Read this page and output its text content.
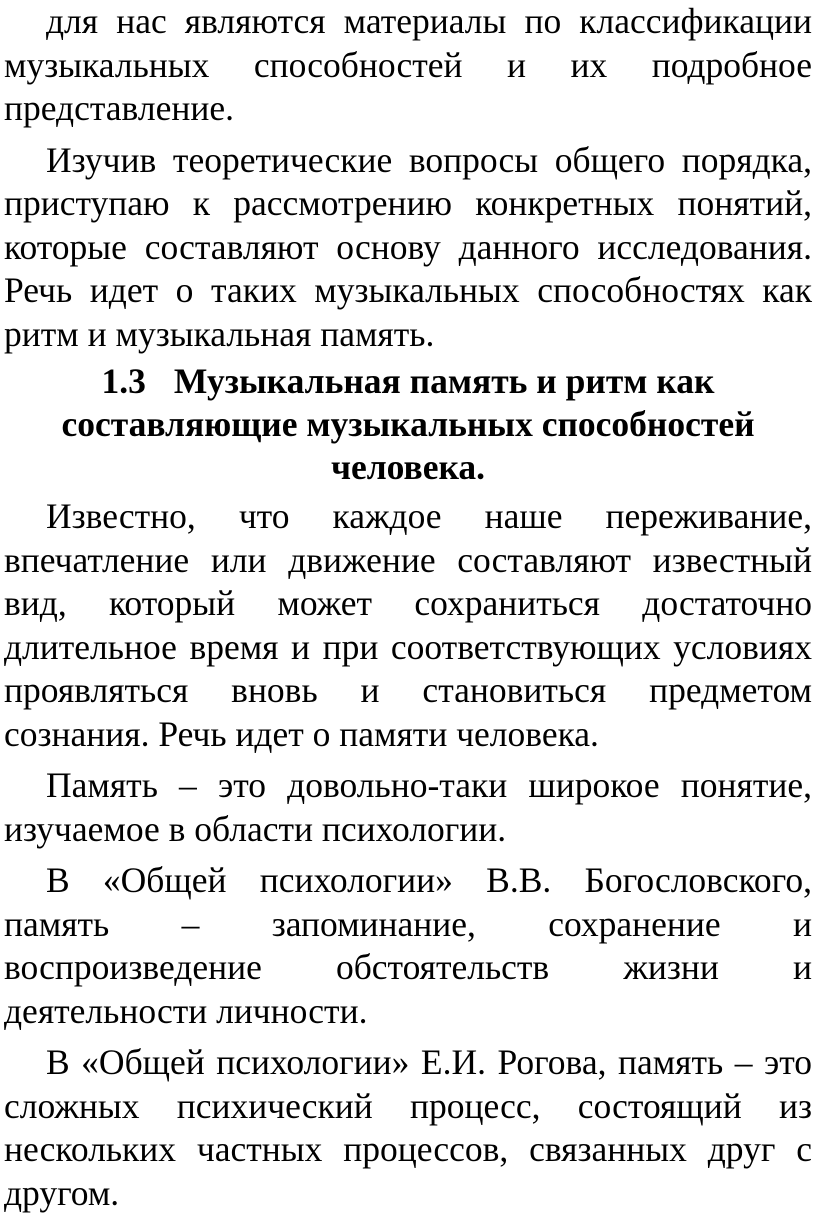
для нас являются материалы по классификации музыкальных способностей и их подробное представление.

Изучив теоретические вопросы общего порядка, приступаю к рассмотрению конкретных понятий, которые составляют основу данного исследования. Речь идет о таких музыкальных способностях как ритм и музыкальная память.

1.3 Музыкальная память и ритм как составляющие музыкальных способностей человека.

Известно, что каждое наше переживание, впечатление или движение составляют известный вид, который может сохраниться достаточно длительное время и при соответствующих условиях проявляться вновь и становиться предметом сознания. Речь идет о памяти человека.

Память – это довольно-таки широкое понятие, изучаемое в области психологии.

В «Общей психологии» В.В. Богословского, память – запоминание, сохранение и воспроизведение обстоятельств жизни и деятельности личности.

В «Общей психологии» Е.И. Рогова, память – это сложных психический процесс, состоящий из нескольких частных процессов, связанных друг с другом.
